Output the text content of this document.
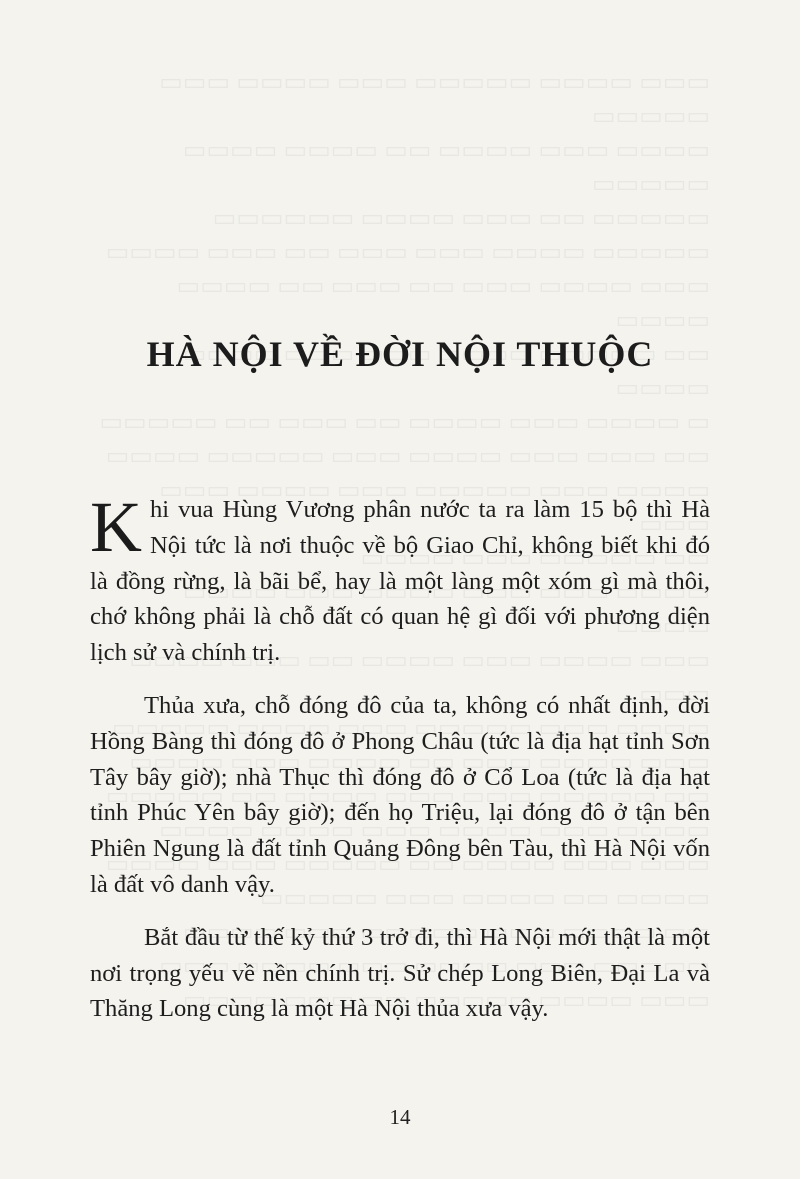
HÀ NỘI VỀ ĐỜI NỘI THUỘC

Khi vua Hùng Vương phân nước ta ra làm 15 bộ thì Hà Nội tức là nơi thuộc về bộ Giao Chỉ, không biết khi đó là đồng rừng, là bãi bể, hay là một làng một xóm gì mà thôi, chớ không phải là chỗ đất có quan hệ gì đối với phương diện lịch sử và chính trị.

Thủa xưa, chỗ đóng đô của ta, không có nhất định, đời Hồng Bàng thì đóng đô ở Phong Châu (tức là địa hạt tỉnh Sơn Tây bây giờ); nhà Thục thì đóng đô ở Cổ Loa (tức là địa hạt tỉnh Phúc Yên bây giờ); đến họ Triệu, lại đóng đô ở tận bên Phiên Ngung là đất tỉnh Quảng Đông bên Tàu, thì Hà Nội vốn là đất vô danh vậy.

Bắt đầu từ thế kỷ thứ 3 trở đi, thì Hà Nội mới thật là một nơi trọng yếu về nền chính trị. Sử chép Long Biên, Đại La và Thăng Long cùng là một Hà Nội thủa xưa vậy.

14
